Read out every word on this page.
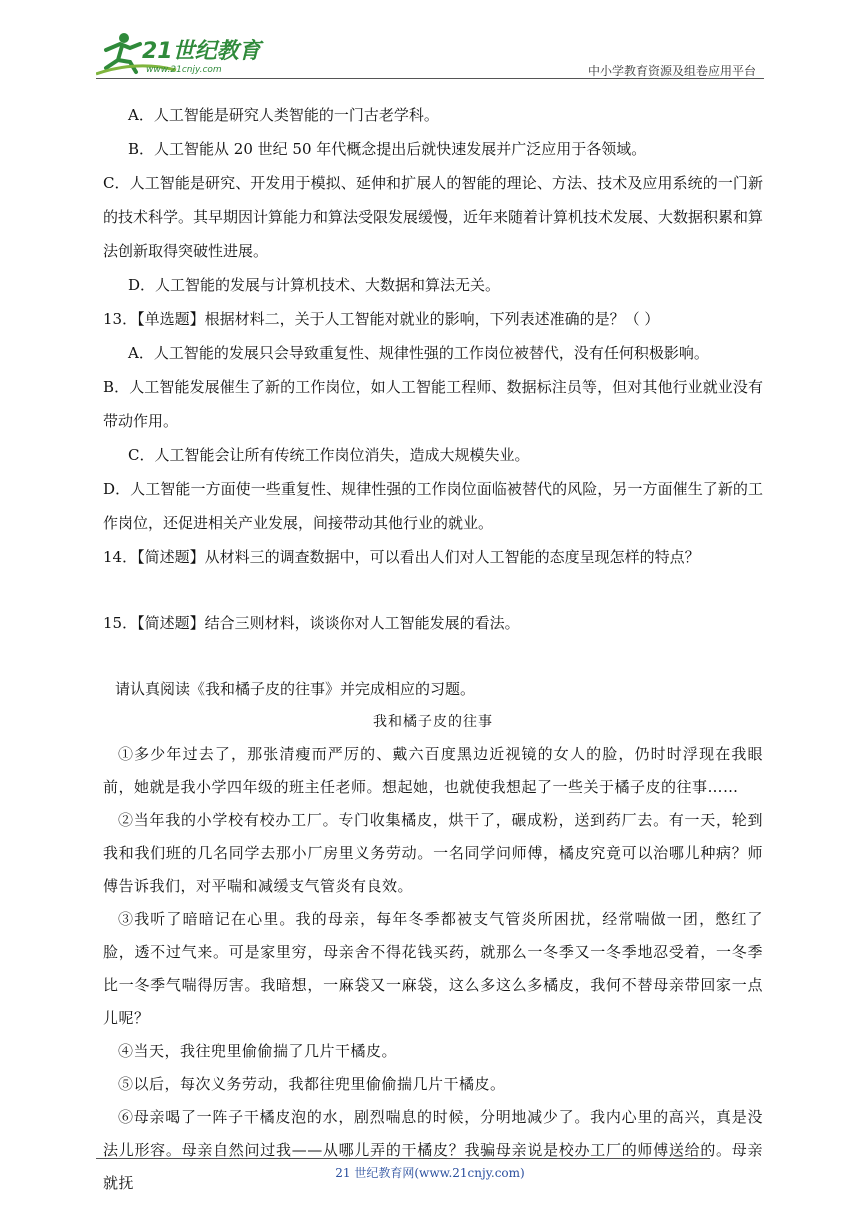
21世纪教育
www.21cnjy.com	中小学教育资源及组卷应用平台
A．人工智能是研究人类智能的一门古老学科。
B．人工智能从 20 世纪 50 年代概念提出后就快速发展并广泛应用于各领域。
C．人工智能是研究、开发用于模拟、延伸和扩展人的智能的理论、方法、技术及应用系统的一门新的技术科学。其早期因计算能力和算法受限发展缓慢，近年来随着计算机技术发展、大数据积累和算法创新取得突破性进展。
D．人工智能的发展与计算机技术、大数据和算法无关。
13．【单选题】根据材料二，关于人工智能对就业的影响，下列表述准确的是？（ ）
A．人工智能的发展只会导致重复性、规律性强的工作岗位被替代，没有任何积极影响。
B．人工智能发展催生了新的工作岗位，如人工智能工程师、数据标注员等，但对其他行业就业没有带动作用。
C．人工智能会让所有传统工作岗位消失，造成大规模失业。
D．人工智能一方面使一些重复性、规律性强的工作岗位面临被替代的风险，另一方面催生了新的工作岗位，还促进相关产业发展，间接带动其他行业的就业。
14．【简述题】从材料三的调查数据中，可以看出人们对人工智能的态度呈现怎样的特点？
15．【简述题】结合三则材料，谈谈你对人工智能发展的看法。
请认真阅读《我和橘子皮的往事》并完成相应的习题。
我和橘子皮的往事
①多少年过去了，那张清瘦而严厉的、戴六百度黑边近视镜的女人的脸，仍时时浮现在我眼前，她就是我小学四年级的班主任老师。想起她，也就使我想起了一些关于橘子皮的往事……
②当年我的小学校有校办工厂。专门收集橘皮，烘干了，碾成粉，送到药厂去。有一天，轮到我和我们班的几名同学去那小厂房里义务劳动。一名同学问师傅，橘皮究竟可以治哪儿种病？师傅告诉我们，对平喘和减缓支气管炎有良效。
③我听了暗暗记在心里。我的母亲，每年冬季都被支气管炎所困扰，经常喘做一团，憋红了脸，透不过气来。可是家里穷，母亲舍不得花钱买药，就那么一冬季又一冬季地忍受着，一冬季比一冬季气喘得厉害。我暗想，一麻袋又一麻袋，这么多这么多橘皮，我何不替母亲带回家一点儿呢？
④当天，我往兜里偷偷揣了几片干橘皮。
⑤以后，每次义务劳动，我都往兜里偷偷揣几片干橘皮。
⑥母亲喝了一阵子干橘皮泡的水，剧烈喘息的时候，分明地减少了。我内心里的高兴，真是没法儿形容。母亲自然问过我——从哪儿弄的干橘皮？我骗母亲说是校办工厂的师傅送给的。母亲就抚
21 世纪教育网(www.21cnjy.com)
